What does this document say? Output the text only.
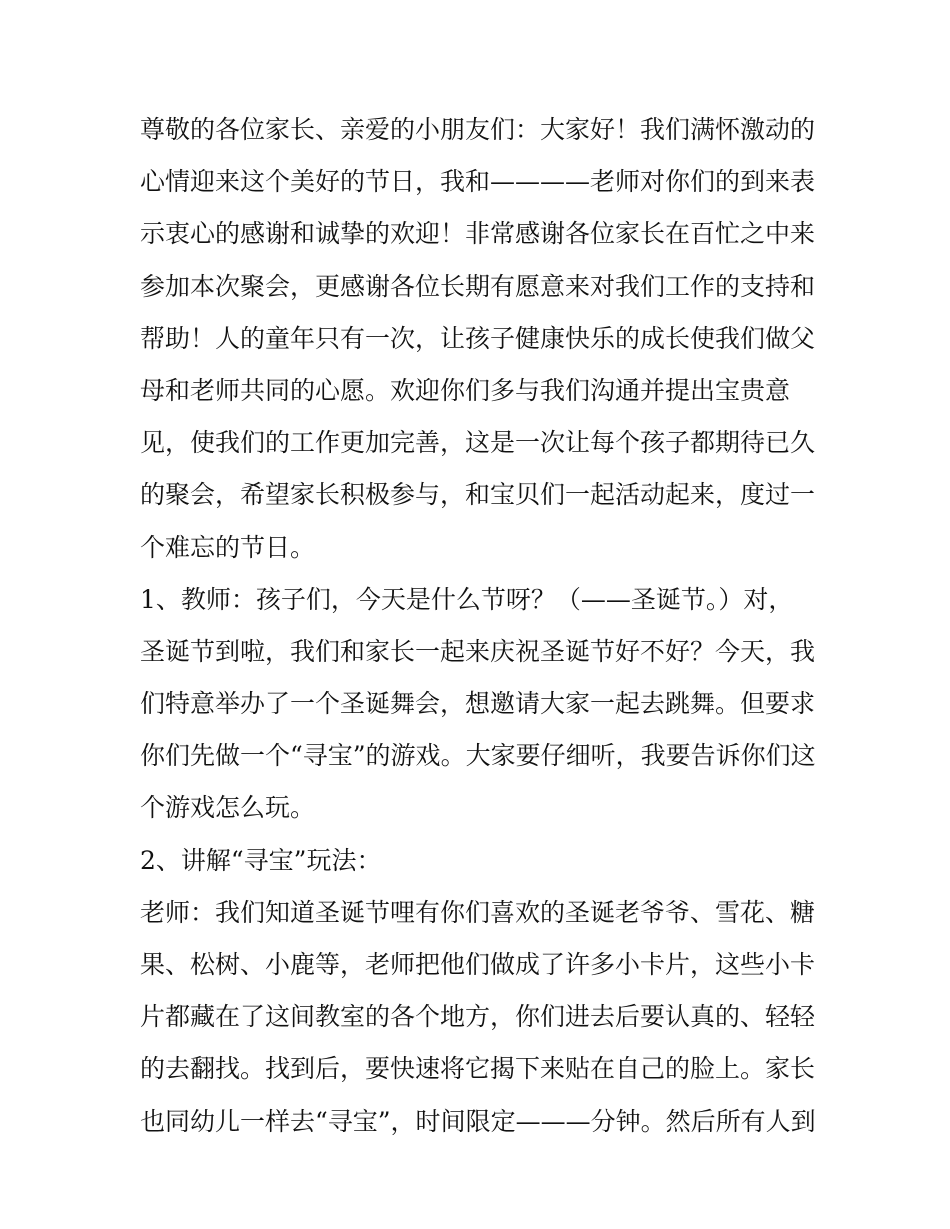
尊敬的各位家长、亲爱的小朋友们：大家好！我们满怀激动的
心情迎来这个美好的节日，我和————老师对你们的到来表
示衷心的感谢和诚挚的欢迎！非常感谢各位家长在百忙之中来
参加本次聚会，更感谢各位长期有愿意来对我们工作的支持和
帮助！人的童年只有一次，让孩子健康快乐的成长使我们做父
母和老师共同的心愿。欢迎你们多与我们沟通并提出宝贵意
见，使我们的工作更加完善，这是一次让每个孩子都期待已久
的聚会，希望家长积极参与，和宝贝们一起活动起来，度过一
个难忘的节日。
1、教师：孩子们，今天是什么节呀？（——圣诞节。）对，
圣诞节到啦，我们和家长一起来庆祝圣诞节好不好？今天，我
们特意举办了一个圣诞舞会，想邀请大家一起去跳舞。但要求
你们先做一个“寻宝”的游戏。大家要仔细听，我要告诉你们这
个游戏怎么玩。
2、讲解“寻宝”玩法：
老师：我们知道圣诞节哩有你们喜欢的圣诞老爷爷、雪花、糖
果、松树、小鹿等，老师把他们做成了许多小卡片，这些小卡
片都藏在了这间教室的各个地方，你们进去后要认真的、轻轻
的去翻找。找到后，要快速将它揭下来贴在自己的脸上。家长
也同幼儿一样去“寻宝”，时间限定———分钟。然后所有人到
